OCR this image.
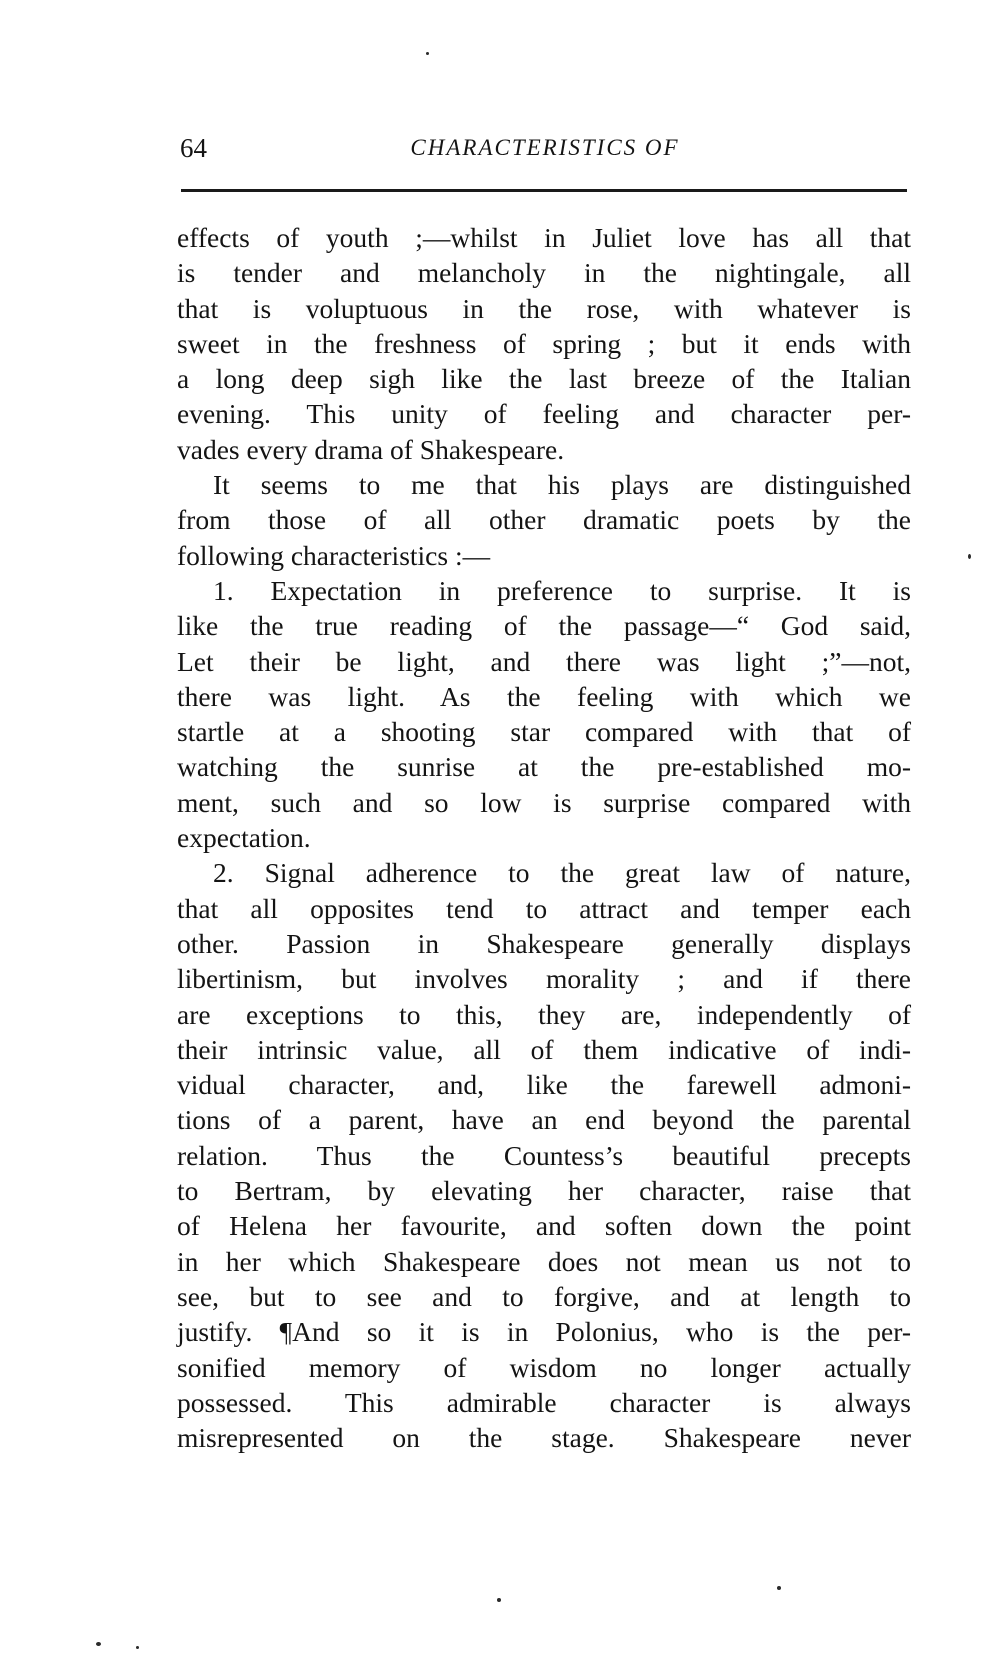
64	CHARACTERISTICS OF
effects of youth ;—whilst in Juliet love has all that
is tender and melancholy in the nightingale, all
that is voluptuous in the rose, with whatever is
sweet in the freshness of spring ; but it ends with
a long deep sigh like the last breeze of the Italian
evening. This unity of feeling and character per-
vades every drama of Shakespeare.
It seems to me that his plays are distinguished
from those of all other dramatic poets by the
following characteristics :—
1. Expectation in preference to surprise. It is
like the true reading of the passage—“ God said,
Let their be light, and there was light ;”—not,
there was light. As the feeling with which we
startle at a shooting star compared with that of
watching the sunrise at the pre-established mo-
ment, such and so low is surprise compared with
expectation.
2. Signal adherence to the great law of nature,
that all opposites tend to attract and temper each
other. Passion in Shakespeare generally displays
libertinism, but involves morality ; and if there
are exceptions to this, they are, independently of
their intrinsic value, all of them indicative of indi-
vidual character, and, like the farewell admoni-
tions of a parent, have an end beyond the parental
relation. Thus the Countess’s beautiful precepts
to Bertram, by elevating her character, raise that
of Helena her favourite, and soften down the point
in her which Shakespeare does not mean us not to
see, but to see and to forgive, and at length to
justify. ¶And so it is in Polonius, who is the per-
sonified memory of wisdom no longer actually
possessed. This admirable character is always
misrepresented on the stage. Shakespeare never
